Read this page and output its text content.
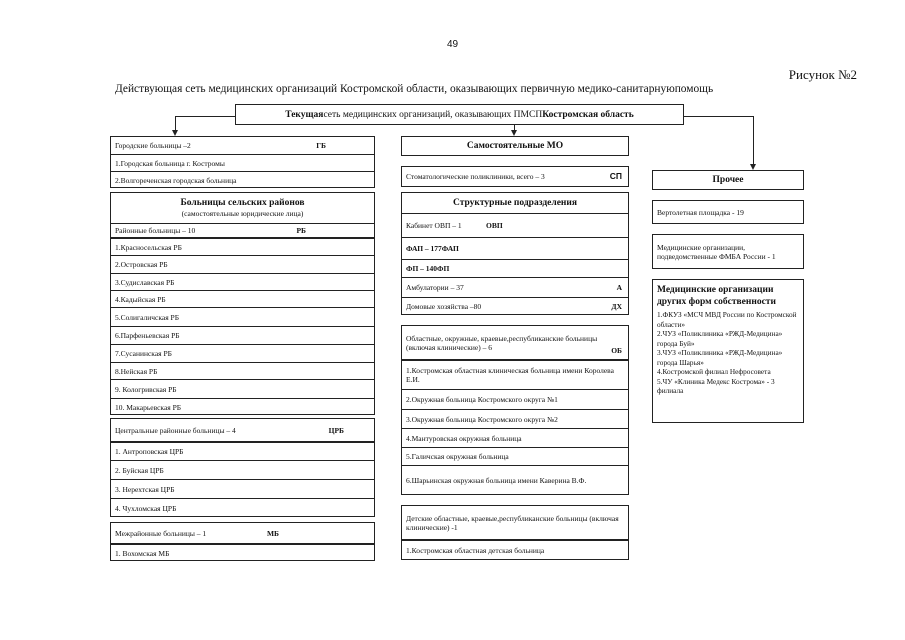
49
Рисунок №2
Действующая сеть медицинских организаций Костромской области, оказывающих первичную медико-санитарнуюпомощь
Текущая сеть медицинских организаций, оказывающих ПМСП Костромская область
Городские больницы –2	ГБ
1.Городская больница г. Костромы
2.Волгореченская городская больница
Больницы сельских районов
(самостоятельные юридические лица)
Районные больницы – 10	РБ
1.Красносельская РБ
2.Островская РБ
3.Судиславская РБ
4.Кадыйская РБ
5.Солигаличская РБ
6.Парфеньевская РБ
7.Сусанинская РБ
8.Нейская РБ
9. Кологривская РБ
10. Макарьевская РБ
Центральные районные больницы – 4	ЦРБ
1. Антроповская ЦРБ
2. Буйская ЦРБ
3. Нерехтская ЦРБ
4. Чухломская ЦРБ
Межрайонные больницы – 1	МБ
1. Вохомская МБ
Самостоятельные МО
Стоматологические поликлиники, всего – 3	СП
Структурные подразделения
Кабинет ОВП – 1	ОВП
ФАП – 177ФАП
ФП – 140ФП
Амбулатории – 37	А
Домовые хозяйства –80	ДХ
Областные, окружные, краевые,республиканские больницы (включая клинические) – 6	ОБ
1.Костромская областная клиническая больница имени Королева Е.И.
2.Окружная больница Костромского округа №1
3.Окружная больница Костромского округа №2
4.Мантуровская окружная больница
5.Галичская окружная больница
6.Шарьинская окружная больница имени Каверина В.Ф.
Детские областные, краевые,республиканские больницы (включая клинические) -1
1.Костромская областная детская больница
Прочее
Вертолетная площадка - 19
Медицинские организации, подведомственные ФМБА России - 1
Медицинские организации других форм собственности
1.ФКУЗ «МСЧ МВД России по Костромской области»
2.ЧУЗ «Поликлиника «РЖД-Медицина» города Буй»
3.ЧУЗ «Поликлиника «РЖД-Медицина» города Шарья»
4.Костромской филиал Нефросовета
5.ЧУ «Клиника Медекс Кострома» - 3 филиала
